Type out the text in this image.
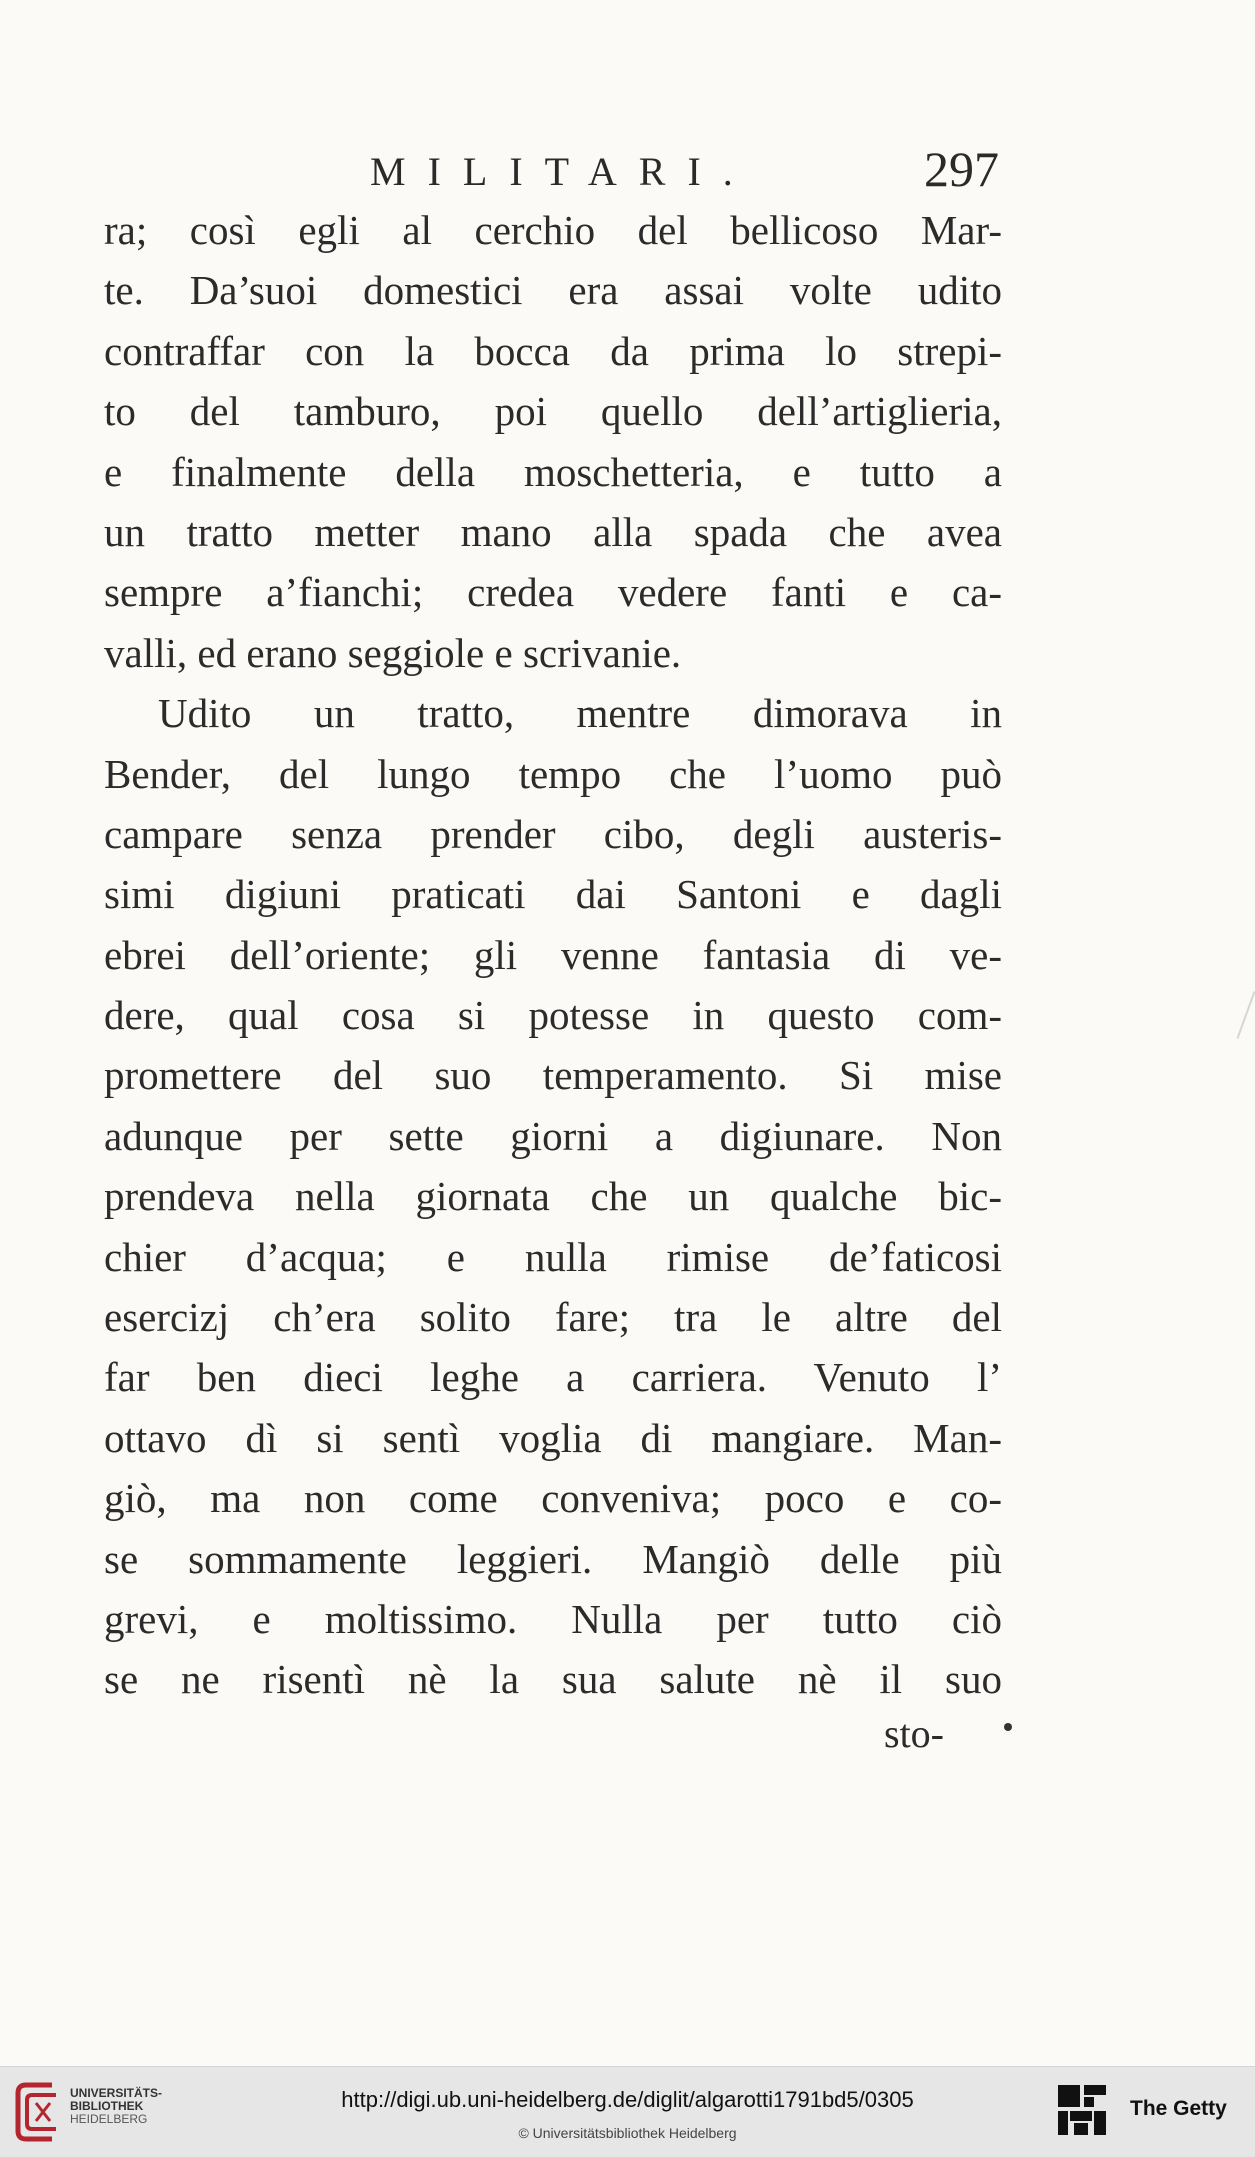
MILITARI.	297
ra; così egli al cerchio del bellicoso Mar-
te. Da’suoi domestici era assai volte udito
contraffar con la bocca da prima lo strepi-
to del tamburo, poi quello dell’artiglieria,
e finalmente della moschetteria, e tutto a
un tratto metter mano alla spada che avea
sempre a’fianchi; credea vedere fanti e ca-
valli, ed erano seggiole e scrivanie.
Udito un tratto, mentre dimorava in
Bender, del lungo tempo che l’uomo può
campare senza prender cibo, degli austeris-
simi digiuni praticati dai Santoni e dagli
ebrei dell’oriente; gli venne fantasia di ve-
dere, qual cosa si potesse in questo com-
promettere del suo temperamento. Si mise
adunque per sette giorni a digiunare. Non
prendeva nella giornata che un qualche bic-
chier d’acqua; e nulla rimise de’faticosi
esercizj ch’era solito fare; tra le altre del
far ben dieci leghe a carriera. Venuto l’
ottavo dì si sentì voglia di mangiare. Man-
giò, ma non come conveniva; poco e co-
se sommamente leggieri. Mangiò delle più
grevi, e moltissimo. Nulla per tutto ciò
se ne risentì nè la sua salute nè il suo
sto-
UNIVERSITÄTS-
BIBLIOTHEK
HEIDELBERG
http://digi.ub.uni-heidelberg.de/diglit/algarotti1791bd5/0305
© Universitätsbibliothek Heidelberg
The Getty
